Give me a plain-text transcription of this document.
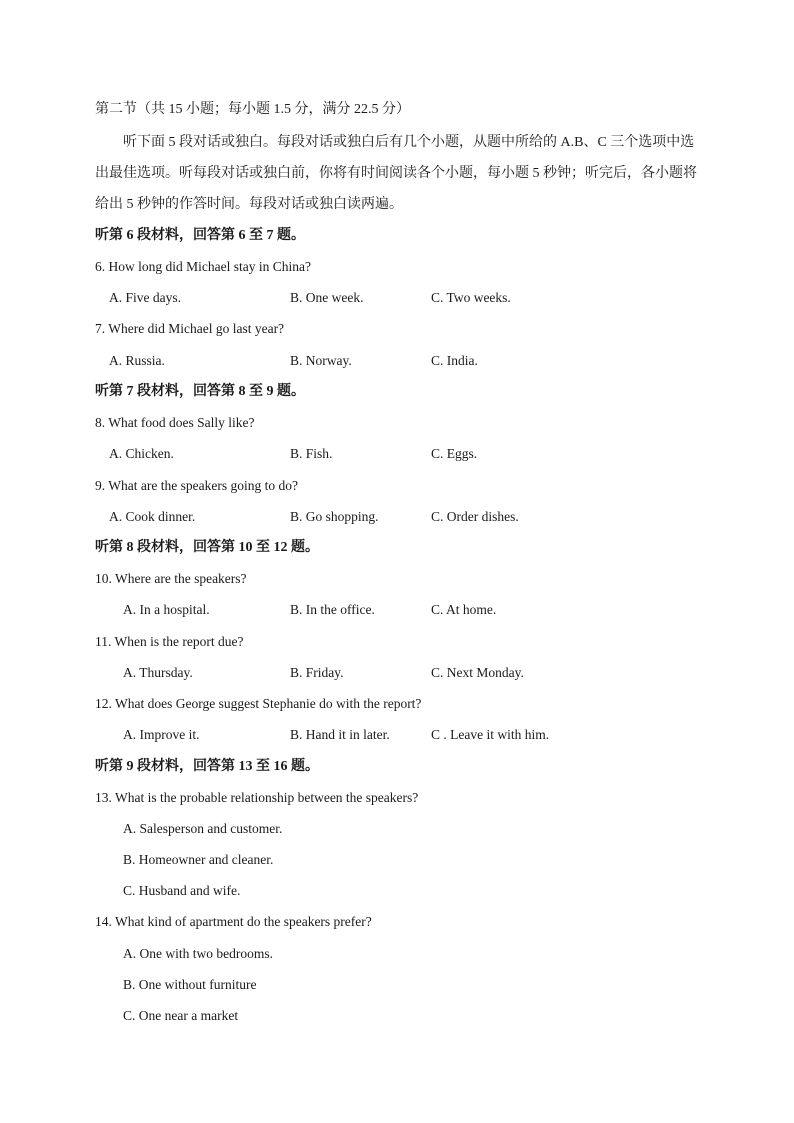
第二节（共 15 小题；每小题 1.5 分，满分 22.5 分）
听下面 5 段对话或独白。每段对话或独白后有几个小题，从题中所给的 A.B、C 三个选项中选
出最佳选项。听每段对话或独白前，你将有时间阅读各个小题，每小题 5 秒钟；听完后，各小题将
给出 5 秒钟的作答时间。每段对话或独白读两遍。
听第 6 段材料，回答第 6 至 7 题。
6. How long did Michael stay in China?
A. Five days.	B. One week.	C. Two weeks.
7. Where did Michael go last year?
A. Russia.	B. Norway.	C. India.
听第 7 段材料，回答第 8 至 9 题。
8. What food does Sally like?
A. Chicken.	B. Fish.	C. Eggs.
9. What are the speakers going to do?
A. Cook dinner.	B. Go shopping.	C. Order dishes.
听第 8 段材料，回答第 10 至 12 题。
10. Where are the speakers?
A. In a hospital.	B. In the office.	C. At home.
11. When is the report due?
A. Thursday.	B. Friday.	C. Next Monday.
12. What does George suggest Stephanie do with the report?
A. Improve it.	B. Hand it in later.	C . Leave it with him.
听第 9 段材料，回答第 13 至 16 题。
13. What is the probable relationship between the speakers?
A. Salesperson and customer.
B. Homeowner and cleaner.
C. Husband and wife.
14. What kind of apartment do the speakers prefer?
A. One with two bedrooms.
B. One without furniture
C. One near a market
